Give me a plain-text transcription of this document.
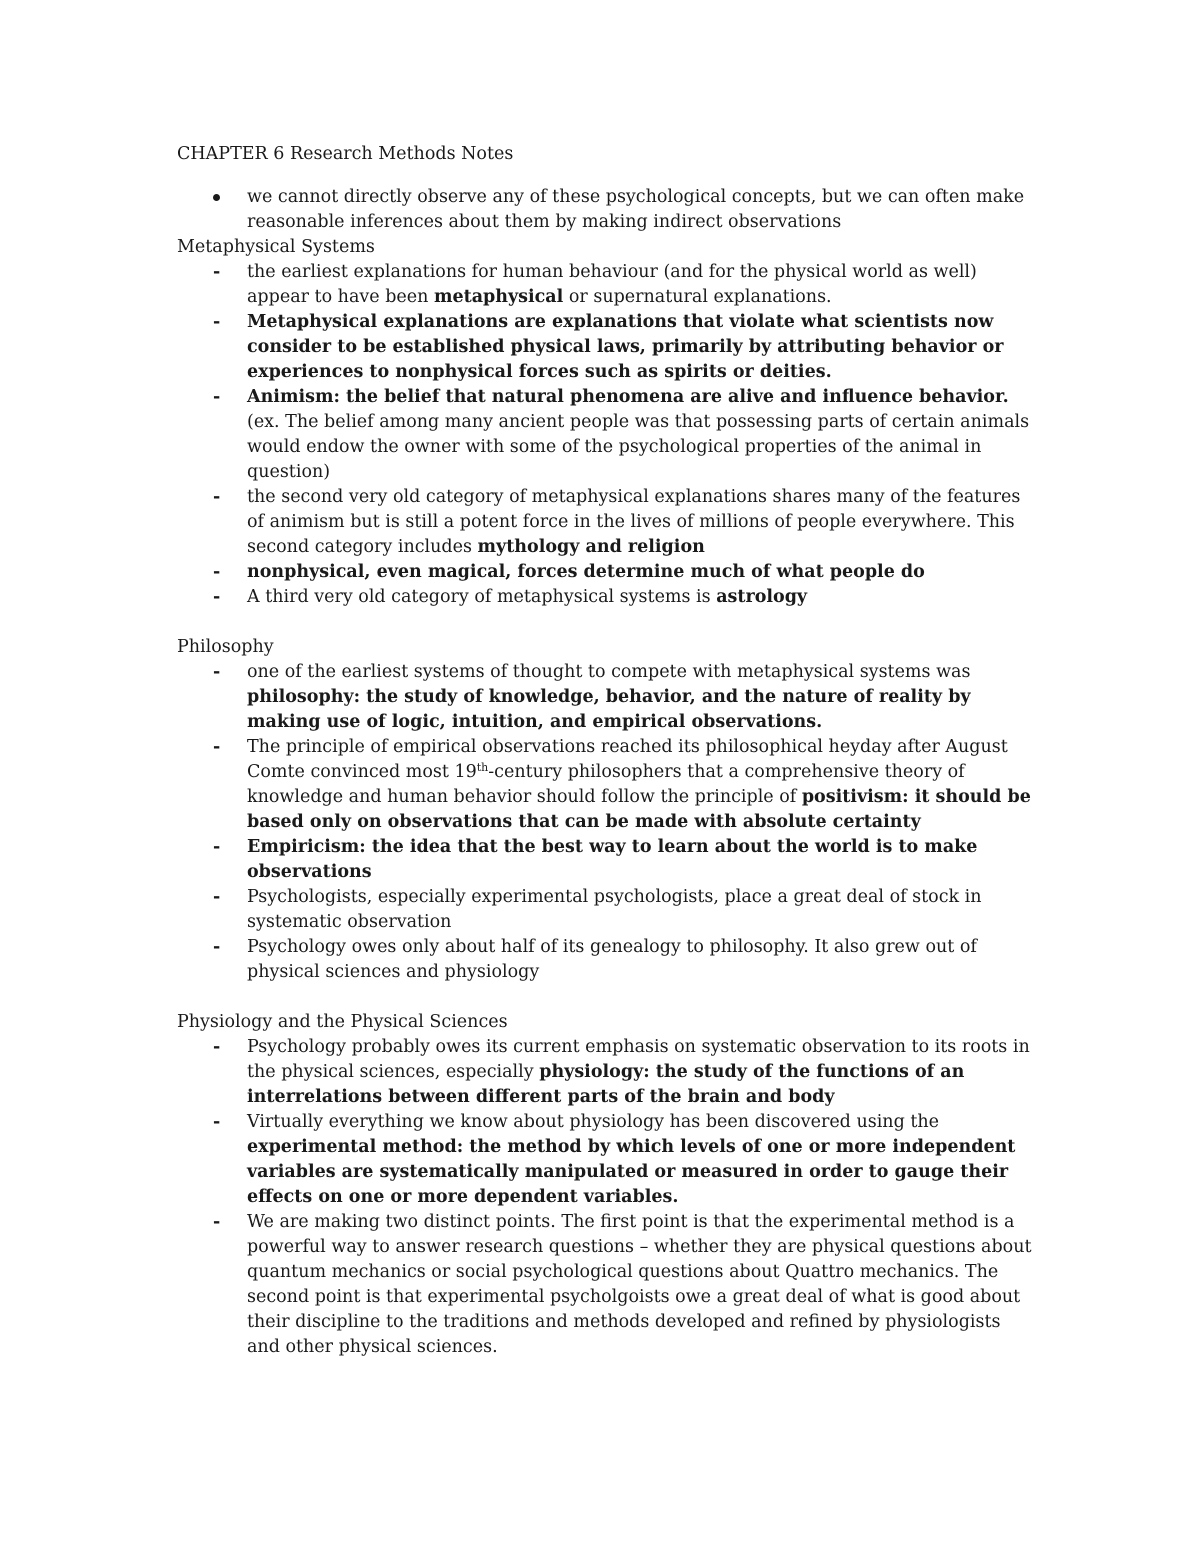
CHAPTER 6 Research Methods Notes

we cannot directly observe any of these psychological concepts, but we can often make reasonable inferences about them by making indirect observations

Metaphysical Systems

the earliest explanations for human behaviour (and for the physical world as well) appear to have been metaphysical or supernatural explanations.
Metaphysical explanations are explanations that violate what scientists now consider to be established physical laws, primarily by attributing behavior or experiences to nonphysical forces such as spirits or deities.
Animism: the belief that natural phenomena are alive and influence behavior. (ex. The belief among many ancient people was that possessing parts of certain animals would endow the owner with some of the psychological properties of the animal in question)
the second very old category of metaphysical explanations shares many of the features of animism but is still a potent force in the lives of millions of people everywhere. This second category includes mythology and religion
nonphysical, even magical, forces determine much of what people do
A third very old category of metaphysical systems is astrology

Philosophy

one of the earliest systems of thought to compete with metaphysical systems was philosophy: the study of knowledge, behavior, and the nature of reality by making use of logic, intuition, and empirical observations.
The principle of empirical observations reached its philosophical heyday after August Comte convinced most 19th-century philosophers that a comprehensive theory of knowledge and human behavior should follow the principle of positivism: it should be based only on observations that can be made with absolute certainty
Empiricism: the idea that the best way to learn about the world is to make observations
Psychologists, especially experimental psychologists, place a great deal of stock in systematic observation
Psychology owes only about half of its genealogy to philosophy. It also grew out of physical sciences and physiology

Physiology and the Physical Sciences

Psychology probably owes its current emphasis on systematic observation to its roots in the physical sciences, especially physiology: the study of the functions of an interrelations between different parts of the brain and body
Virtually everything we know about physiology has been discovered using the experimental method: the method by which levels of one or more independent variables are systematically manipulated or measured in order to gauge their effects on one or more dependent variables.
We are making two distinct points. The first point is that the experimental method is a powerful way to answer research questions – whether they are physical questions about quantum mechanics or social psychological questions about Quattro mechanics. The second point is that experimental psycholgoists owe a great deal of what is good about their discipline to the traditions and methods developed and refined by physiologists and other physical sciences.
